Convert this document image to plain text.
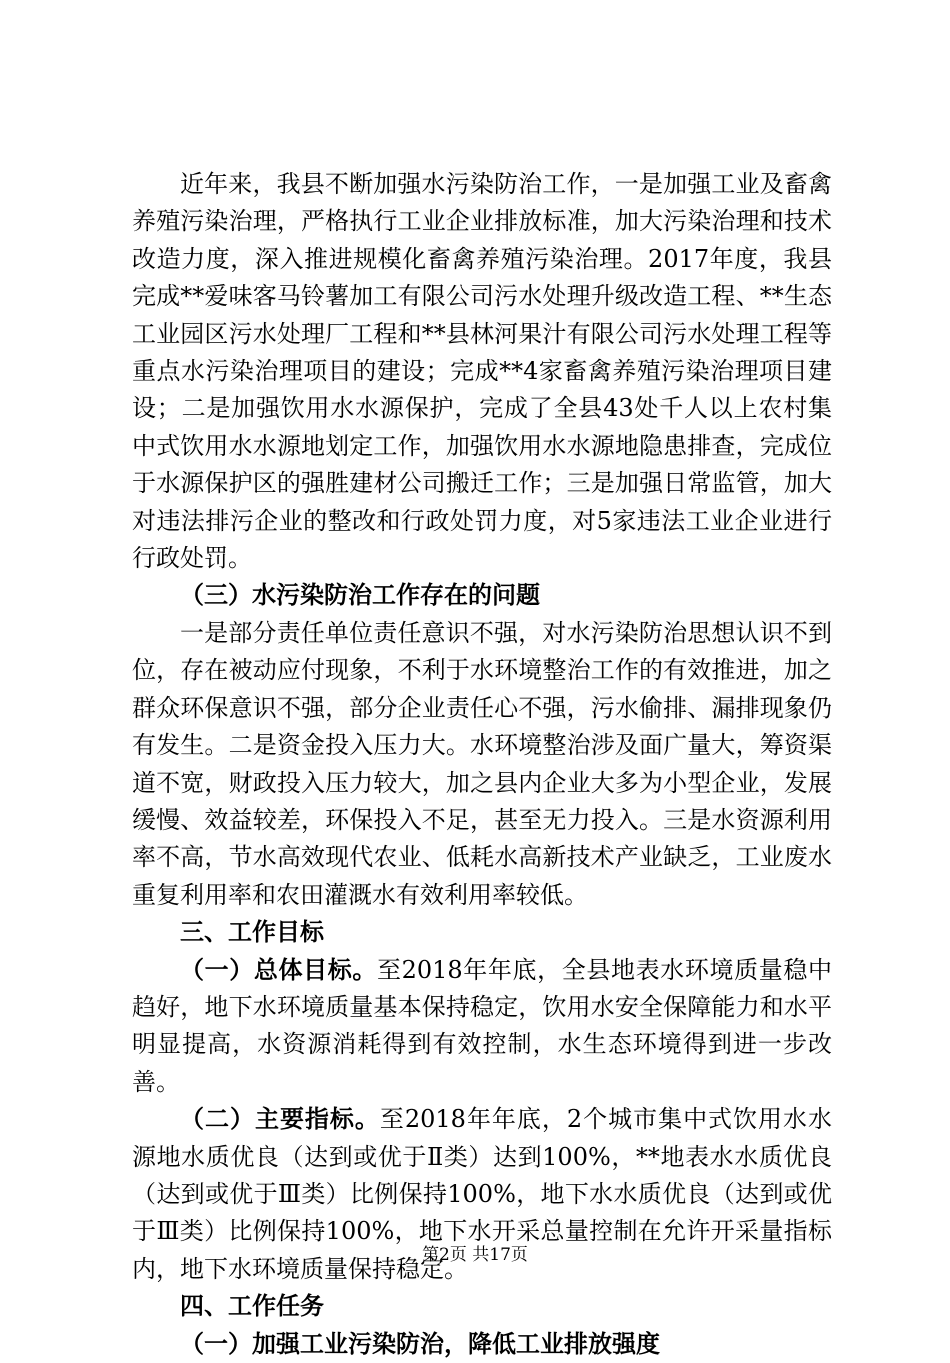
近年来，我县不断加强水污染防治工作，一是加强工业及畜禽养殖污染治理，严格执行工业企业排放标准，加大污染治理和技术改造力度，深入推进规模化畜禽养殖污染治理。2017年度，我县完成**爱味客马铃薯加工有限公司污水处理升级改造工程、**生态工业园区污水处理厂工程和**县林河果汁有限公司污水处理工程等重点水污染治理项目的建设；完成**4家畜禽养殖污染治理项目建设；二是加强饮用水水源保护，完成了全县43处千人以上农村集中式饮用水水源地划定工作，加强饮用水水源地隐患排查，完成位于水源保护区的强胜建材公司搬迁工作；三是加强日常监管，加大对违法排污企业的整改和行政处罚力度，对5家违法工业企业进行行政处罚。

（三）水污染防治工作存在的问题

一是部分责任单位责任意识不强，对水污染防治思想认识不到位，存在被动应付现象，不利于水环境整治工作的有效推进，加之群众环保意识不强，部分企业责任心不强，污水偷排、漏排现象仍有发生。二是资金投入压力大。水环境整治涉及面广量大，筹资渠道不宽，财政投入压力较大，加之县内企业大多为小型企业，发展缓慢、效益较差，环保投入不足，甚至无力投入。三是水资源利用率不高，节水高效现代农业、低耗水高新技术产业缺乏，工业废水重复利用率和农田灌溉水有效利用率较低。

三、工作目标

（一）总体目标。至2018年年底，全县地表水环境质量稳中趋好，地下水环境质量基本保持稳定，饮用水安全保障能力和水平明显提高，水资源消耗得到有效控制，水生态环境得到进一步改善。

（二）主要指标。至2018年年底，2个城市集中式饮用水水源地水质优良（达到或优于Ⅱ类）达到100%，**地表水水质优良（达到或优于Ⅲ类）比例保持100%，地下水水质优良（达到或优于Ⅲ类）比例保持100%，地下水开采总量控制在允许开采量指标内，地下水环境质量保持稳定。

四、工作任务

（一）加强工业污染防治，降低工业排放强度

第2页 共17页
